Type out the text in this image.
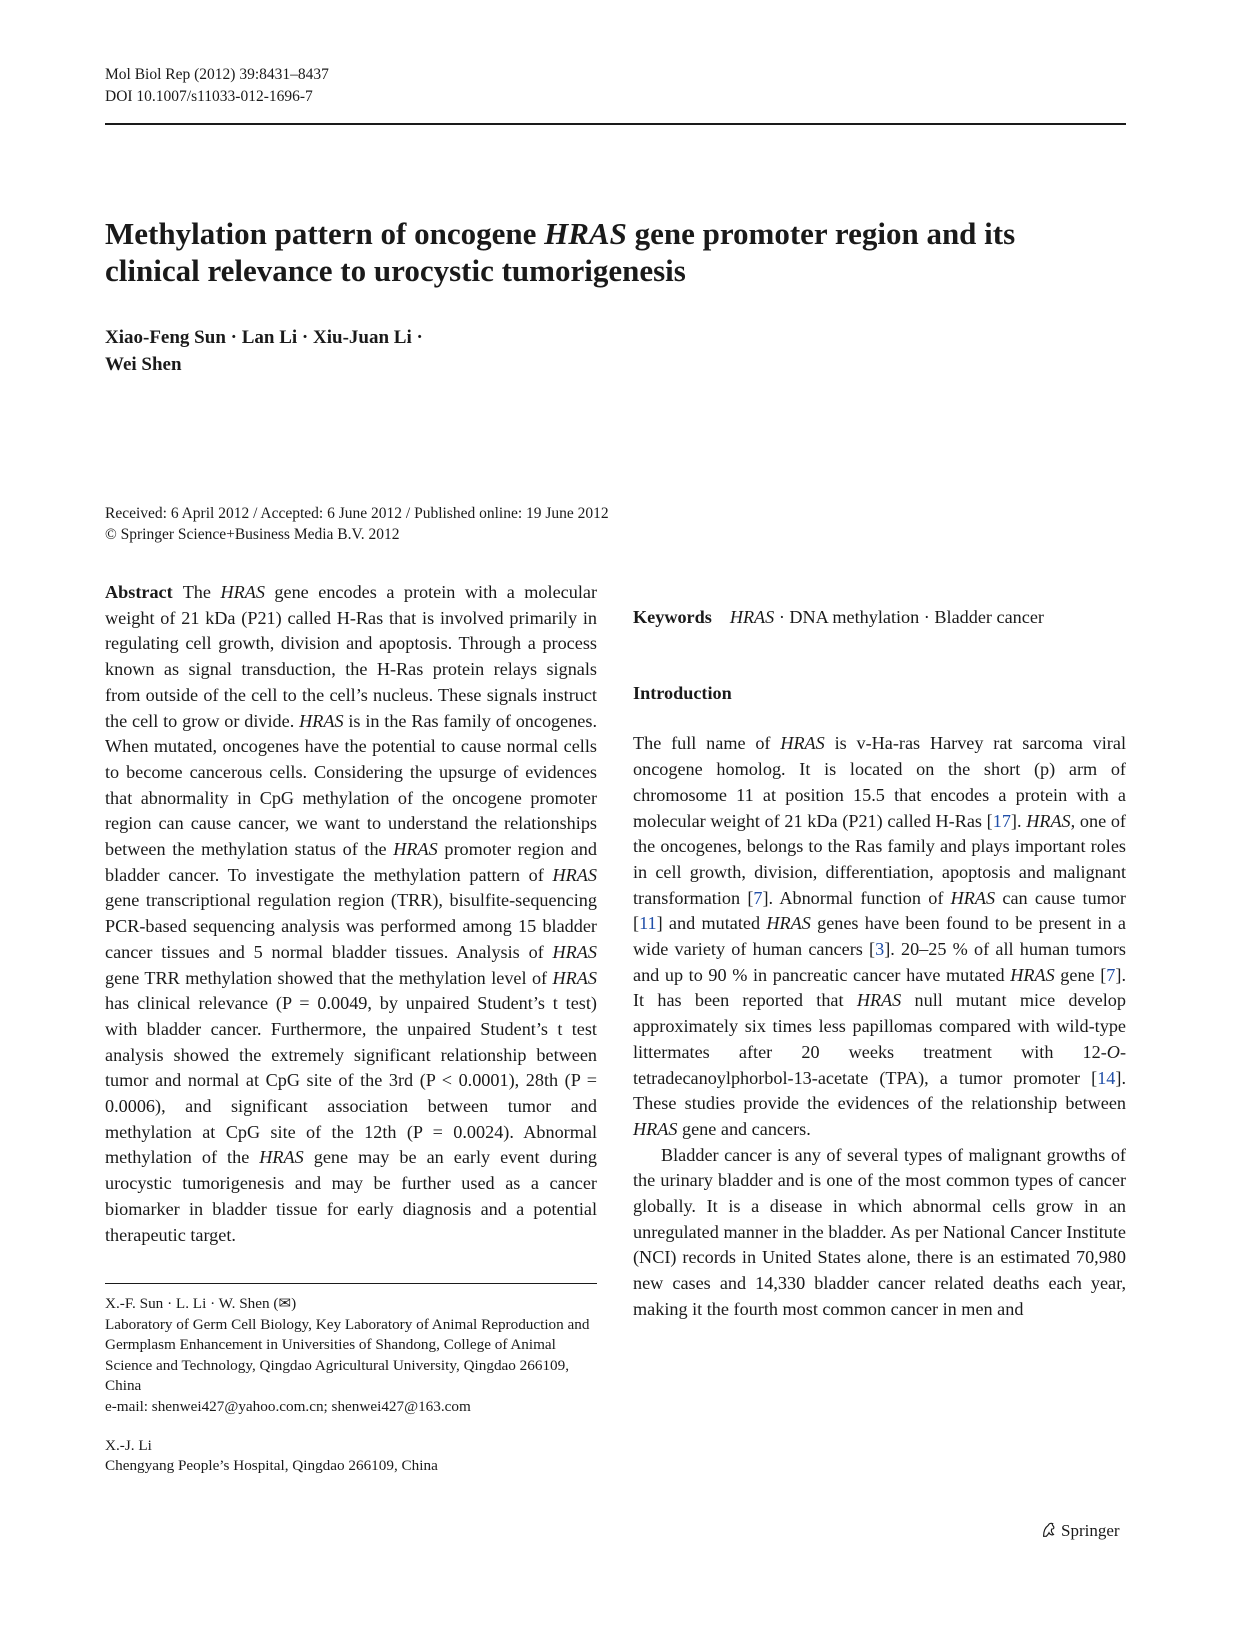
Mol Biol Rep (2012) 39:8431–8437
DOI 10.1007/s11033-012-1696-7
Methylation pattern of oncogene HRAS gene promoter region and its clinical relevance to urocystic tumorigenesis
Xiao-Feng Sun · Lan Li · Xiu-Juan Li ·
Wei Shen
Received: 6 April 2012 / Accepted: 6 June 2012 / Published online: 19 June 2012
© Springer Science+Business Media B.V. 2012

Abstract The HRAS gene encodes a protein with a molecular weight of 21 kDa (P21) called H-Ras that is involved primarily in regulating cell growth, division and apoptosis. Through a process known as signal transduction, the H-Ras protein relays signals from outside of the cell to the cell’s nucleus. These signals instruct the cell to grow or divide. HRAS is in the Ras family of oncogenes. When mutated, oncogenes have the potential to cause normal cells to become cancerous cells. Considering the upsurge of evidences that abnormality in CpG methylation of the oncogene promoter region can cause cancer, we want to understand the relationships between the methylation status of the HRAS promoter region and bladder cancer. To investigate the methylation pattern of HRAS gene transcriptional regulation region (TRR), bisulfite-sequencing PCR-based sequencing analysis was performed among 15 bladder cancer tissues and 5 normal bladder tissues. Analysis of HRAS gene TRR methylation showed that the methylation level of HRAS has clinical relevance (P = 0.0049, by unpaired Student’s t test) with bladder cancer. Furthermore, the unpaired Student’s t test analysis showed the extremely significant relationship between tumor and normal at CpG site of the 3rd (P < 0.0001), 28th (P = 0.0006), and significant association between tumor and methylation at CpG site of the 12th (P = 0.0024). Abnormal methylation of the HRAS gene may be an early event during urocystic tumorigenesis and may be further used as a cancer biomarker in bladder tissue for early diagnosis and a potential therapeutic target.

Keywords HRAS · DNA methylation · Bladder cancer

Introduction

The full name of HRAS is v-Ha-ras Harvey rat sarcoma viral oncogene homolog. It is located on the short (p) arm of chromosome 11 at position 15.5 that encodes a protein with a molecular weight of 21 kDa (P21) called H-Ras [17]. HRAS, one of the oncogenes, belongs to the Ras family and plays important roles in cell growth, division, differentiation, apoptosis and malignant transformation [7]. Abnormal function of HRAS can cause tumor [11] and mutated HRAS genes have been found to be present in a wide variety of human cancers [3]. 20–25 % of all human tumors and up to 90 % in pancreatic cancer have mutated HRAS gene [7]. It has been reported that HRAS null mutant mice develop approximately six times less papillomas compared with wild-type littermates after 20 weeks treatment with 12-O-tetradecanoylphorbol-13-acetate (TPA), a tumor promoter [14]. These studies provide the evidences of the relationship between HRAS gene and cancers.

Bladder cancer is any of several types of malignant growths of the urinary bladder and is one of the most common types of cancer globally. It is a disease in which abnormal cells grow in an unregulated manner in the bladder. As per National Cancer Institute (NCI) records in United States alone, there is an estimated 70,980 new cases and 14,330 bladder cancer related deaths each year, making it the fourth most common cancer in men and

X.-F. Sun · L. Li · W. Shen (✉)

Laboratory of Germ Cell Biology, Key Laboratory of Animal Reproduction and Germplasm Enhancement in Universities of Shandong, College of Animal Science and Technology, Qingdao Agricultural University, Qingdao 266109, China

e-mail: shenwei427@yahoo.com.cn; shenwei427@163.com

X.-J. Li

Chengyang People’s Hospital, Qingdao 266109, China

Springer
